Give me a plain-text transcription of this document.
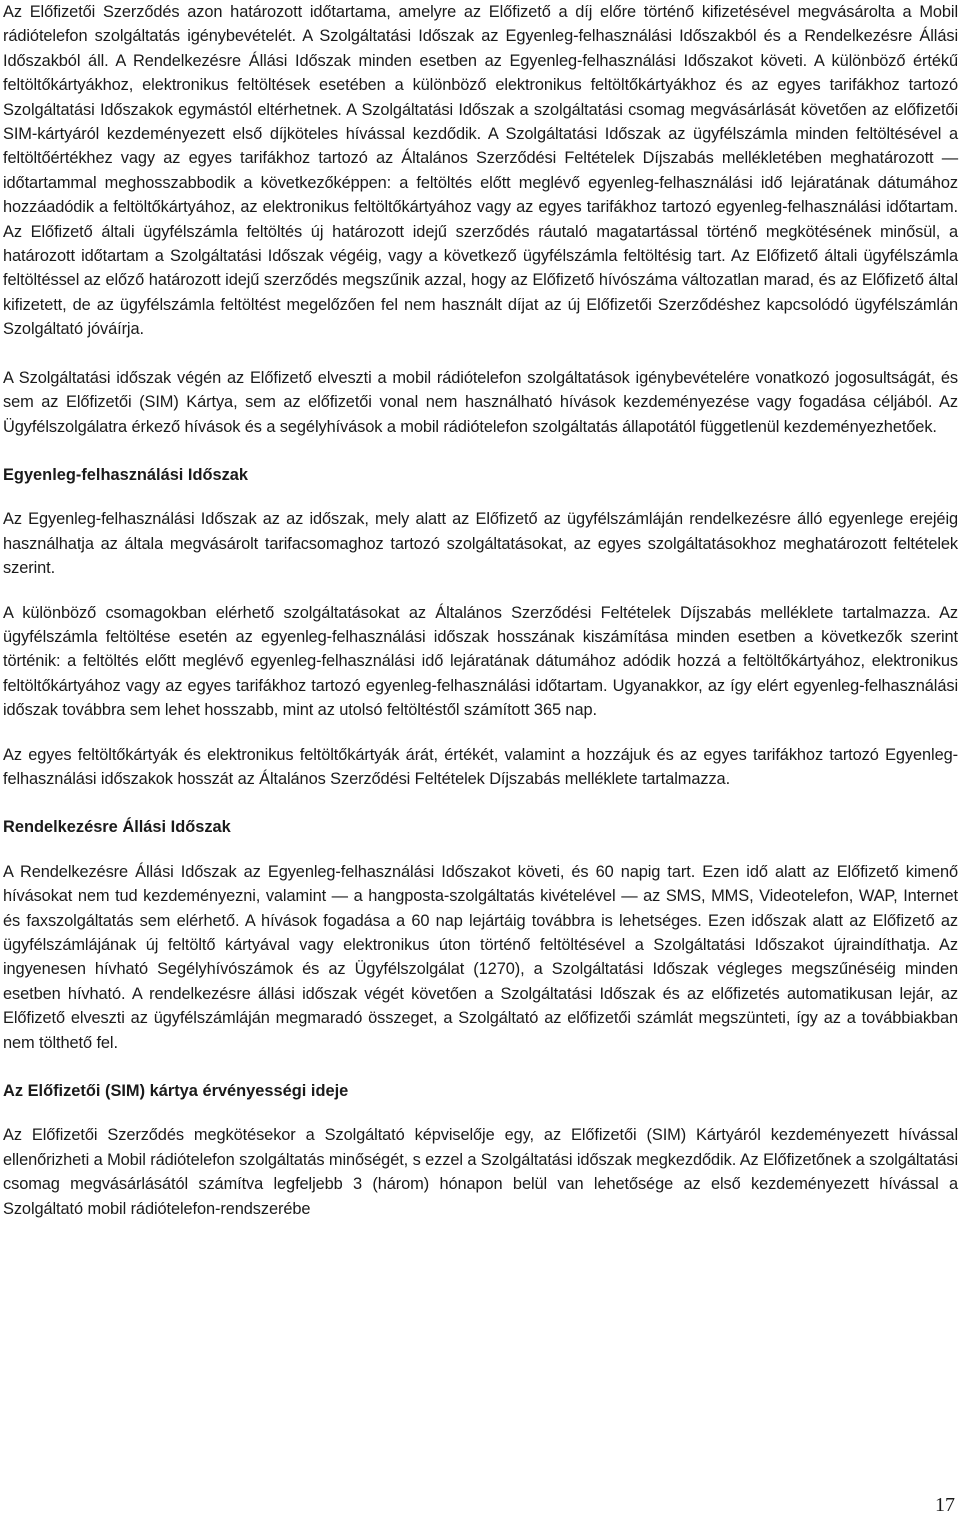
Az Előfizetői Szerződés azon határozott időtartama, amelyre az Előfizető a díj előre történő kifizetésével megvásárolta a Mobil rádiótelefon szolgáltatás igénybevételét. A Szolgáltatási Időszak az Egyenleg-felhasználási Időszakból és a Rendelkezésre Állási Időszakból áll. A Rendelkezésre Állási Időszak minden esetben az Egyenleg-felhasználási Időszakot követi. A különböző értékű feltöltőkártyákhoz, elektronikus feltöltések esetében a különböző elektronikus feltöltőkártyákhoz és az egyes tarifákhoz tartozó Szolgáltatási Időszakok egymástól eltérhetnek. A Szolgáltatási Időszak a szolgáltatási csomag megvásárlását követően az előfizetői SIM-kártyáról kezdeményezett első díjköteles hívással kezdődik. A Szolgáltatási Időszak az ügyfélszámla minden feltöltésével a feltöltőértékhez vagy az egyes tarifákhoz tartozó az Általános Szerződési Feltételek Díjszabás mellékletében meghatározott — időtartammal meghosszabbodik a következőképpen: a feltöltés előtt meglévő egyenleg-felhasználási idő lejáratának dátumához hozzáadódik a feltöltőkártyához, az elektronikus feltöltőkártyához vagy az egyes tarifákhoz tartozó egyenleg-felhasználási időtartam. Az Előfizető általi ügyfélszámla feltöltés új határozott idejű szerződés ráutaló magatartással történő megkötésének minősül, a határozott időtartam a Szolgáltatási Időszak végéig, vagy a következő ügyfélszámla feltöltésig tart. Az Előfizető általi ügyfélszámla feltöltéssel az előző határozott idejű szerződés megszűnik azzal, hogy az Előfizető hívószáma változatlan marad, és az Előfizető által kifizetett, de az ügyfélszámla feltöltést megelőzően fel nem használt díjat az új Előfizetői Szerződéshez kapcsolódó ügyfélszámlán Szolgáltató jóváírja.

A Szolgáltatási időszak végén az Előfizető elveszti a mobil rádiótelefon szolgáltatások igénybevételére vonatkozó jogosultságát, és sem az Előfizetői (SIM) Kártya, sem az előfizetői vonal nem használható hívások kezdeményezése vagy fogadása céljából. Az Ügyfélszolgálatra érkező hívások és a segélyhívások a mobil rádiótelefon szolgáltatás állapotától függetlenül kezdeményezhetőek.

Egyenleg-felhasználási Időszak

Az Egyenleg-felhasználási Időszak az az időszak, mely alatt az Előfizető az ügyfélszámláján rendelkezésre álló egyenlege erejéig használhatja az általa megvásárolt tarifacsomaghoz tartozó szolgáltatásokat, az egyes szolgáltatásokhoz meghatározott feltételek szerint.

A különböző csomagokban elérhető szolgáltatásokat az Általános Szerződési Feltételek Díjszabás melléklete tartalmazza. Az ügyfélszámla feltöltése esetén az egyenleg-felhasználási időszak hosszának kiszámítása minden esetben a következők szerint történik: a feltöltés előtt meglévő egyenleg-felhasználási idő lejáratának dátumához adódik hozzá a feltöltőkártyához, elektronikus feltöltőkártyához vagy az egyes tarifákhoz tartozó egyenleg-felhasználási időtartam. Ugyanakkor, az így elért egyenleg-felhasználási időszak továbbra sem lehet hosszabb, mint az utolsó feltöltéstől számított 365 nap.

Az egyes feltöltőkártyák és elektronikus feltöltőkártyák árát, értékét, valamint a hozzájuk és az egyes tarifákhoz tartozó Egyenleg-felhasználási időszakok hosszát az Általános Szerződési Feltételek Díjszabás melléklete tartalmazza.

Rendelkezésre Állási Időszak

A Rendelkezésre Állási Időszak az Egyenleg-felhasználási Időszakot követi, és 60 napig tart. Ezen idő alatt az Előfizető kimenő hívásokat nem tud kezdeményezni, valamint — a hangposta-szolgáltatás kivételével — az SMS, MMS, Videotelefon, WAP, Internet és faxszolgáltatás sem elérhető. A hívások fogadása a 60 nap lejártáig továbbra is lehetséges. Ezen időszak alatt az Előfizető az ügyfélszámlájának új feltöltő kártyával vagy elektronikus úton történő feltöltésével a Szolgáltatási Időszakot újraindíthatja. Az ingyenesen hívható Segélyhívószámok és az Ügyfélszolgálat (1270), a Szolgáltatási Időszak végleges megszűnéséig minden esetben hívható. A rendelkezésre állási időszak végét követően a Szolgáltatási Időszak és az előfizetés automatikusan lejár, az Előfizető elveszti az ügyfélszámláján megmaradó összeget, a Szolgáltató az előfizetői számlát megszünteti, így az a továbbiakban nem tölthető fel.

Az Előfizetői (SIM) kártya érvényességi ideje

Az Előfizetői Szerződés megkötésekor a Szolgáltató képviselője egy, az Előfizetői (SIM) Kártyáról kezdeményezett hívással ellenőrizheti a Mobil rádiótelefon szolgáltatás minőségét, s ezzel a Szolgáltatási időszak megkezdődik. Az Előfizetőnek a szolgáltatási csomag megvásárlásától számítva legfeljebb 3 (három) hónapon belül van lehetősége az első kezdeményezett hívással a Szolgáltató mobil rádiótelefon-rendszerébe

17
